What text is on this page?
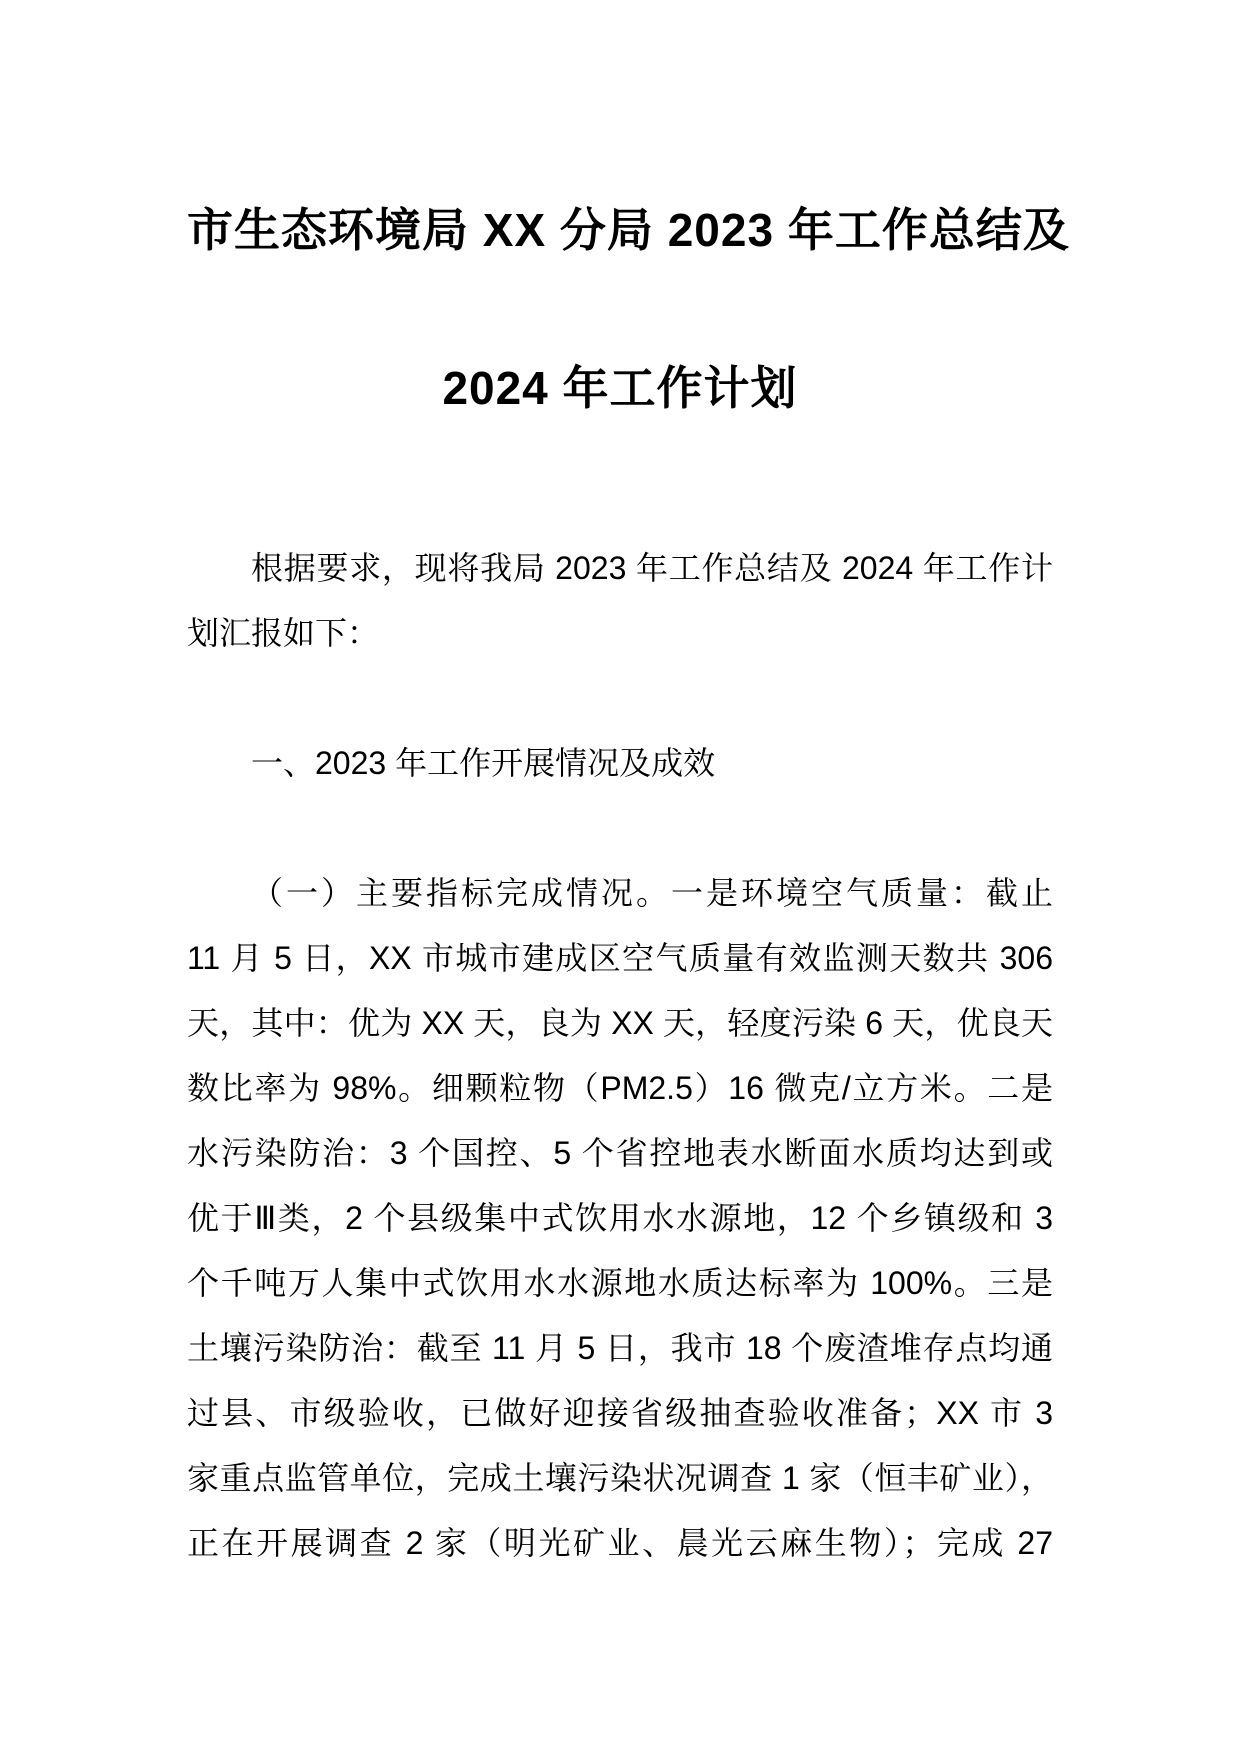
市生态环境局 XX 分局 2023 年工作总结及
2024 年工作计划
根据要求，现将我局 2023 年工作总结及 2024 年工作计
划汇报如下：
一、2023 年工作开展情况及成效
（一）主要指标完成情况。一是环境空气质量：截止
11 月 5 日，XX 市城市建成区空气质量有效监测天数共 306
天，其中：优为 XX 天，良为 XX 天，轻度污染 6 天，优良天
数比率为 98%。细颗粒物（PM2.5）16 微克/立方米。二是
水污染防治：3 个国控、5 个省控地表水断面水质均达到或
优于Ⅲ类，2 个县级集中式饮用水水源地，12 个乡镇级和 3
个千吨万人集中式饮用水水源地水质达标率为 100%。三是
土壤污染防治：截至 11 月 5 日，我市 18 个废渣堆存点均通
过县、市级验收，已做好迎接省级抽查验收准备；XX 市 3
家重点监管单位，完成土壤污染状况调查 1 家（恒丰矿业），
正在开展调查 2 家（明光矿业、晨光云麻生物）；完成 27
